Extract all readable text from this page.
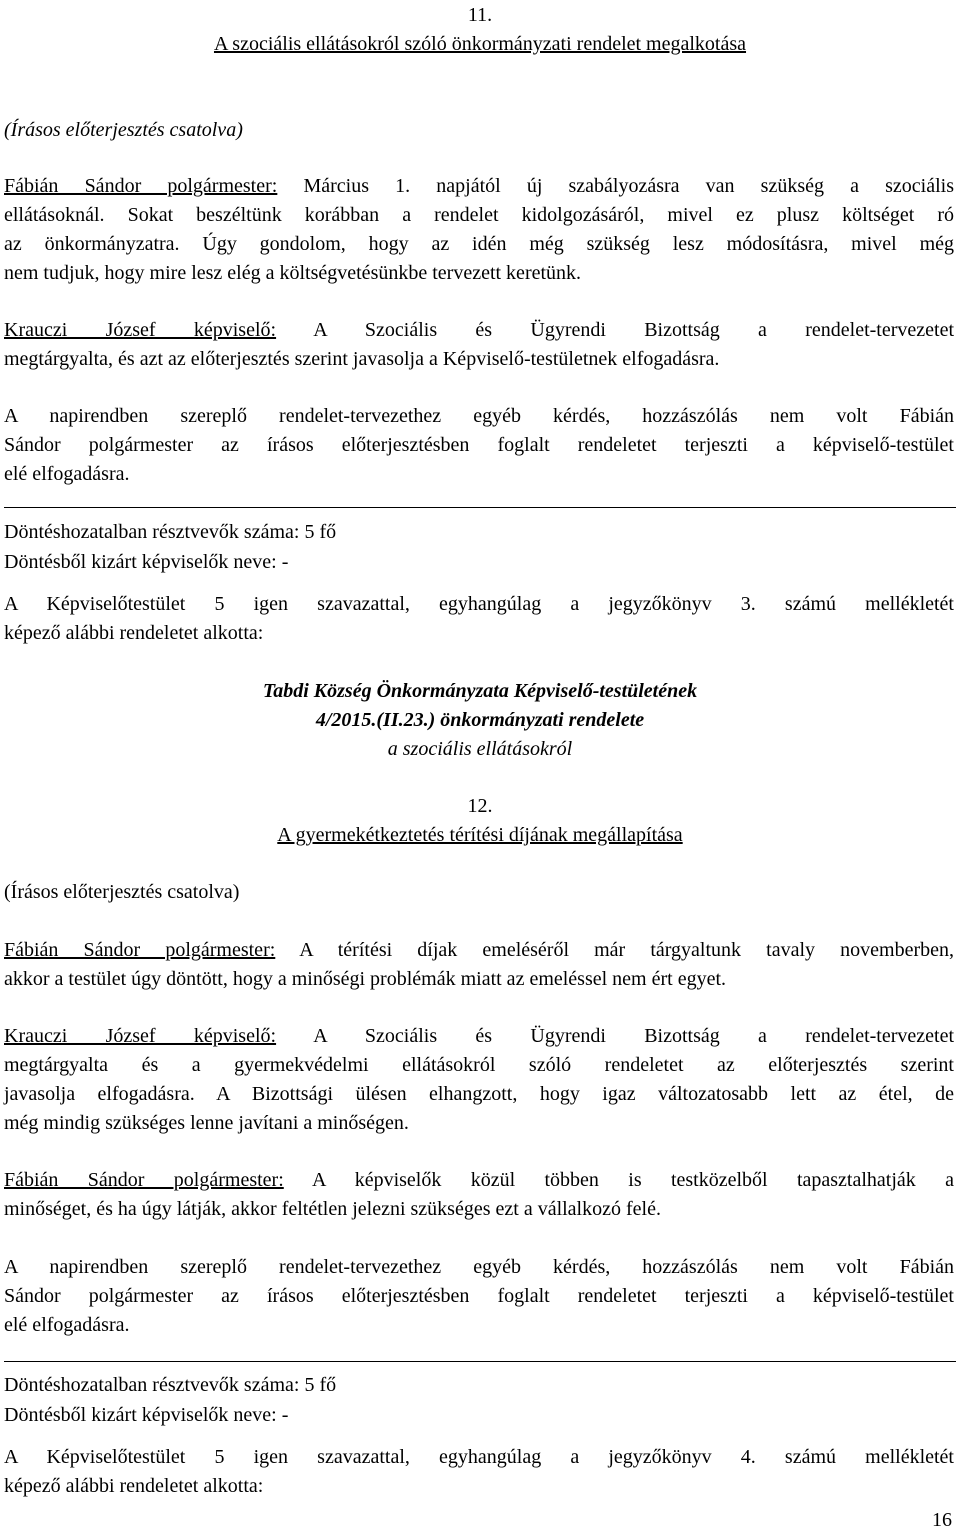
11.
A szociális ellátásokról szóló önkormányzati rendelet megalkotása
(Írásos előterjesztés csatolva)
Fábián Sándor polgármester: Március 1. napjától új szabályozásra van szükség a szociális
ellátásoknál. Sokat beszéltünk korábban a rendelet kidolgozásáról, mivel ez plusz költséget ró
az önkormányzatra. Úgy gondolom, hogy az idén még szükség lesz módosításra, mivel még
nem tudjuk, hogy mire lesz elég a költségvetésünkbe tervezett keretünk.
Krauczi József képviselő: A Szociális és Ügyrendi Bizottság a rendelet-tervezetet
megtárgyalta, és azt az előterjesztés szerint javasolja a Képviselő-testületnek elfogadásra.
A napirendben szereplő rendelet-tervezethez egyéb kérdés, hozzászólás nem volt Fábián
Sándor polgármester az írásos előterjesztésben foglalt rendeletet terjeszti a képviselő-testület
elé elfogadásra.
Döntéshozatalban résztvevők száma: 5 fő
Döntésből kizárt képviselők neve: -
A Képviselőtestület 5 igen szavazattal, egyhangúlag a jegyzőkönyv 3. számú mellékletét
képező alábbi rendeletet alkotta:
Tabdi Község Önkormányzata Képviselő-testületének
4/2015.(II.23.) önkormányzati rendelete
a szociális ellátásokról
12.
A gyermekétkeztetés térítési díjának megállapítása
(Írásos előterjesztés csatolva)
Fábián Sándor polgármester: A térítési díjak emeléséről már tárgyaltunk tavaly novemberben,
akkor a testület úgy döntött, hogy a minőségi problémák miatt az emeléssel nem ért egyet.
Krauczi József képviselő: A Szociális és Ügyrendi Bizottság a rendelet-tervezetet
megtárgyalta és a gyermekvédelmi ellátásokról szóló rendeletet az előterjesztés szerint
javasolja elfogadásra. A Bizottsági ülésen elhangzott, hogy igaz változatosabb lett az étel, de
még mindig szükséges lenne javítani a minőségen.
Fábián Sándor polgármester: A képviselők közül többen is testközelből tapasztalhatják a
minőséget, és ha úgy látják, akkor feltétlen jelezni szükséges ezt a vállalkozó felé.
A napirendben szereplő rendelet-tervezethez egyéb kérdés, hozzászólás nem volt Fábián
Sándor polgármester az írásos előterjesztésben foglalt rendeletet terjeszti a képviselő-testület
elé elfogadásra.
Döntéshozatalban résztvevők száma: 5 fő
Döntésből kizárt képviselők neve: -
A Képviselőtestület 5 igen szavazattal, egyhangúlag a jegyzőkönyv 4. számú mellékletét
képező alábbi rendeletet alkotta:
16
